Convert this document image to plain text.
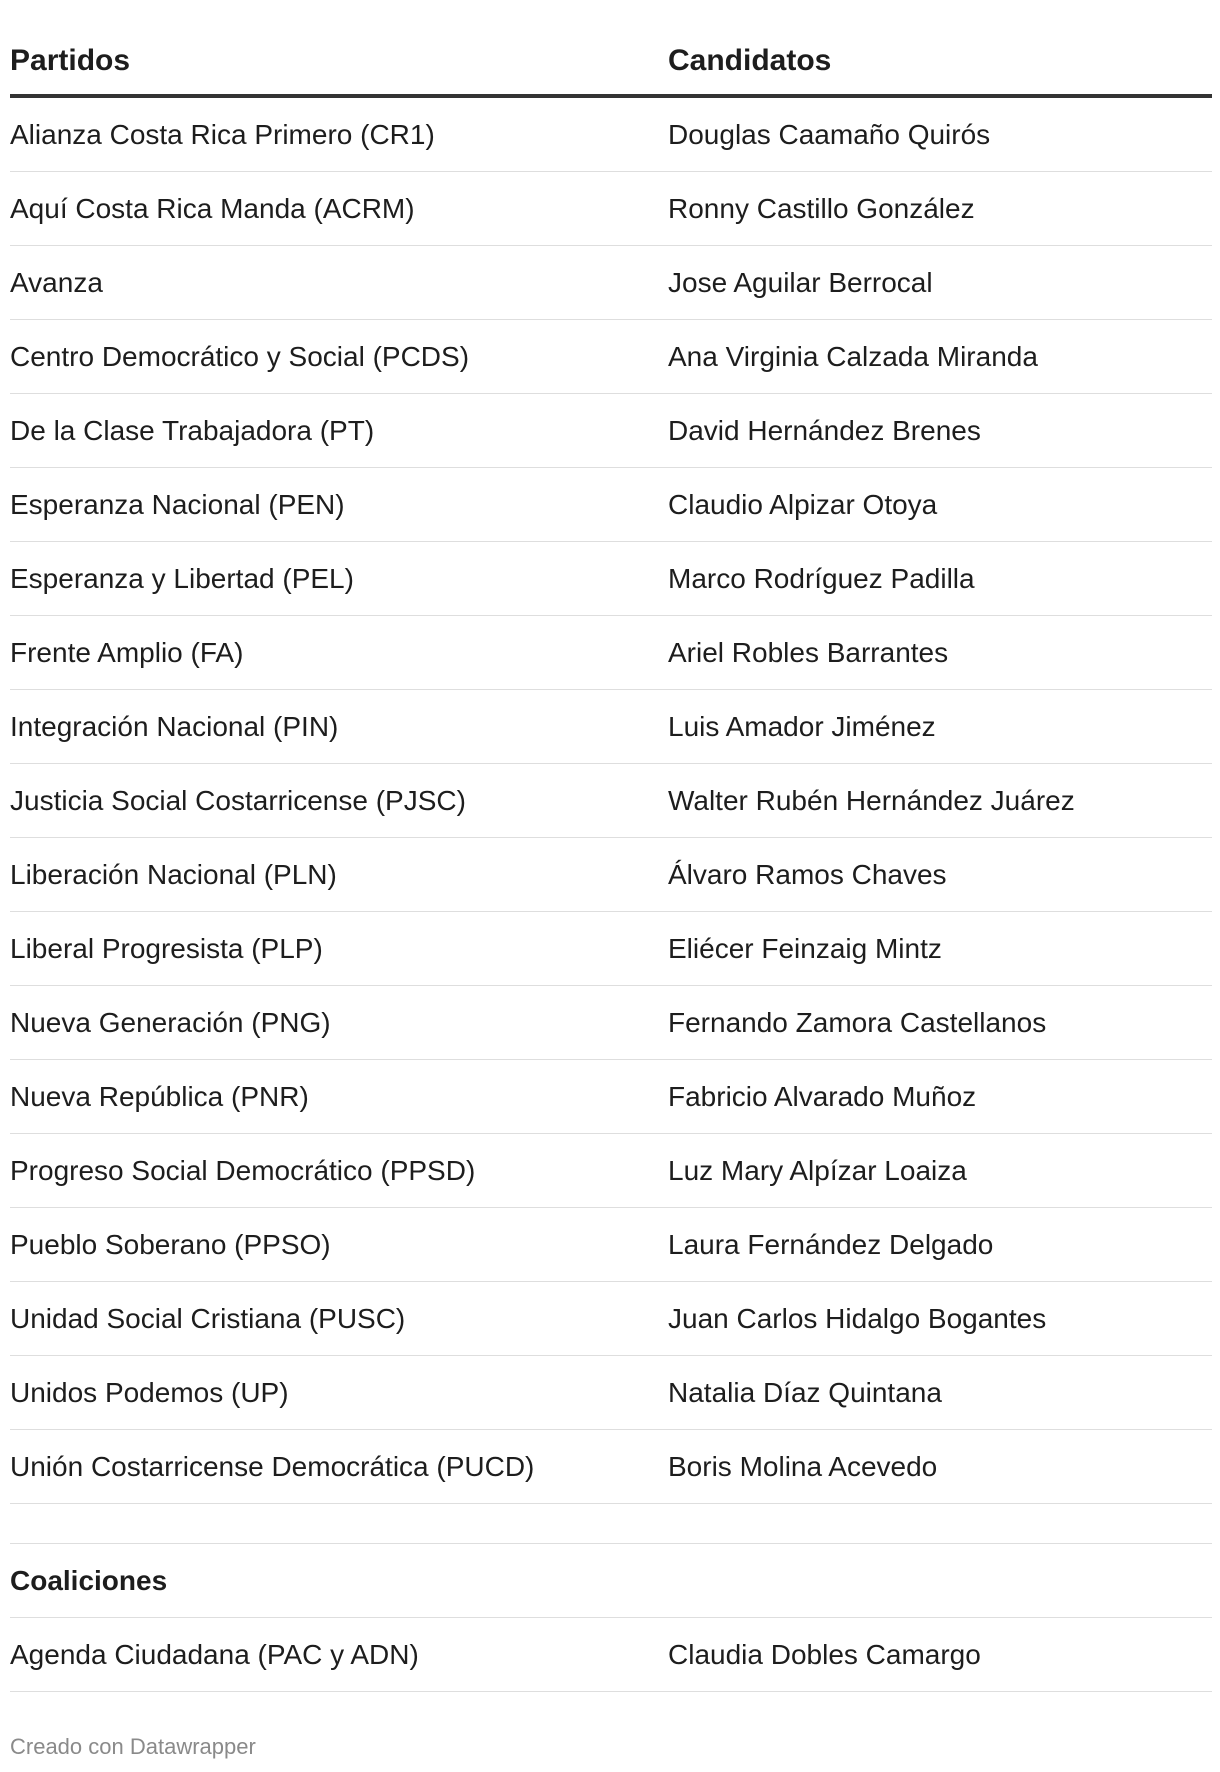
Partidos	Candidatos
Alianza Costa Rica Primero (CR1)	Douglas Caamaño Quirós
Aquí Costa Rica Manda (ACRM)	Ronny Castillo González
Avanza	Jose Aguilar Berrocal
Centro Democrático y Social (PCDS)	Ana Virginia Calzada Miranda
De la Clase Trabajadora (PT)	David Hernández Brenes
Esperanza Nacional (PEN)	Claudio Alpizar Otoya
Esperanza y Libertad (PEL)	Marco Rodríguez Padilla
Frente Amplio (FA)	Ariel Robles Barrantes
Integración Nacional (PIN)	Luis Amador Jiménez
Justicia Social Costarricense (PJSC)	Walter Rubén Hernández Juárez
Liberación Nacional (PLN)	Álvaro Ramos Chaves
Liberal Progresista (PLP)	Eliécer Feinzaig Mintz
Nueva Generación (PNG)	Fernando Zamora Castellanos
Nueva República (PNR)	Fabricio Alvarado Muñoz
Progreso Social Democrático (PPSD)	Luz Mary Alpízar Loaiza
Pueblo Soberano (PPSO)	Laura Fernández Delgado
Unidad Social Cristiana (PUSC)	Juan Carlos Hidalgo Bogantes
Unidos Podemos (UP)	Natalia Díaz Quintana
Unión Costarricense Democrática (PUCD)	Boris Molina Acevedo
Coaliciones
Agenda Ciudadana (PAC y ADN)	Claudia Dobles Camargo
Creado con Datawrapper
